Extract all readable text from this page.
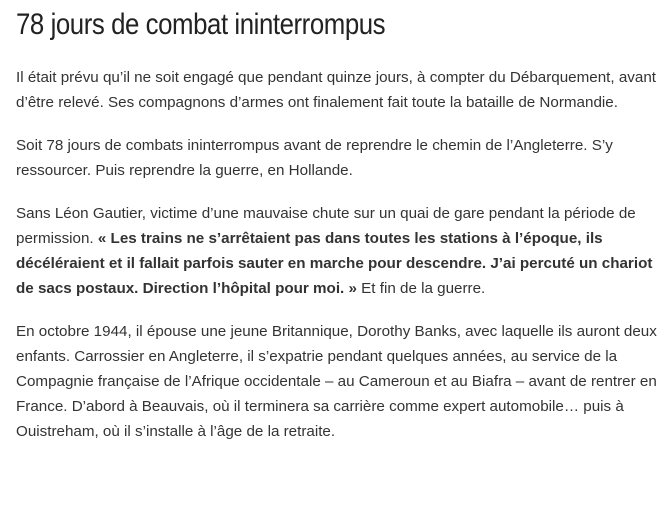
78 jours de combat ininterrompus

Il était prévu qu’il ne soit engagé que pendant quinze jours, à compter du Débarquement, avant d’être relevé. Ses compagnons d’armes ont finalement fait toute la bataille de Normandie.

Soit 78 jours de combats ininterrompus avant de reprendre le chemin de l’Angleterre. S’y ressourcer. Puis reprendre la guerre, en Hollande.

Sans Léon Gautier, victime d’une mauvaise chute sur un quai de gare pendant la période de permission. « Les trains ne s’arrêtaient pas dans toutes les stations à l’époque, ils décéléraient et il fallait parfois sauter en marche pour descendre. J’ai percuté un chariot de sacs postaux. Direction l’hôpital pour moi. » Et fin de la guerre.

En octobre 1944, il épouse une jeune Britannique, Dorothy Banks, avec laquelle ils auront deux enfants. Carrossier en Angleterre, il s’expatrie pendant quelques années, au service de la Compagnie française de l’Afrique occidentale – au Cameroun et au Biafra – avant de rentrer en France. D’abord à Beauvais, où il terminera sa carrière comme expert automobile… puis à Ouistreham, où il s’installe à l’âge de la retraite.
